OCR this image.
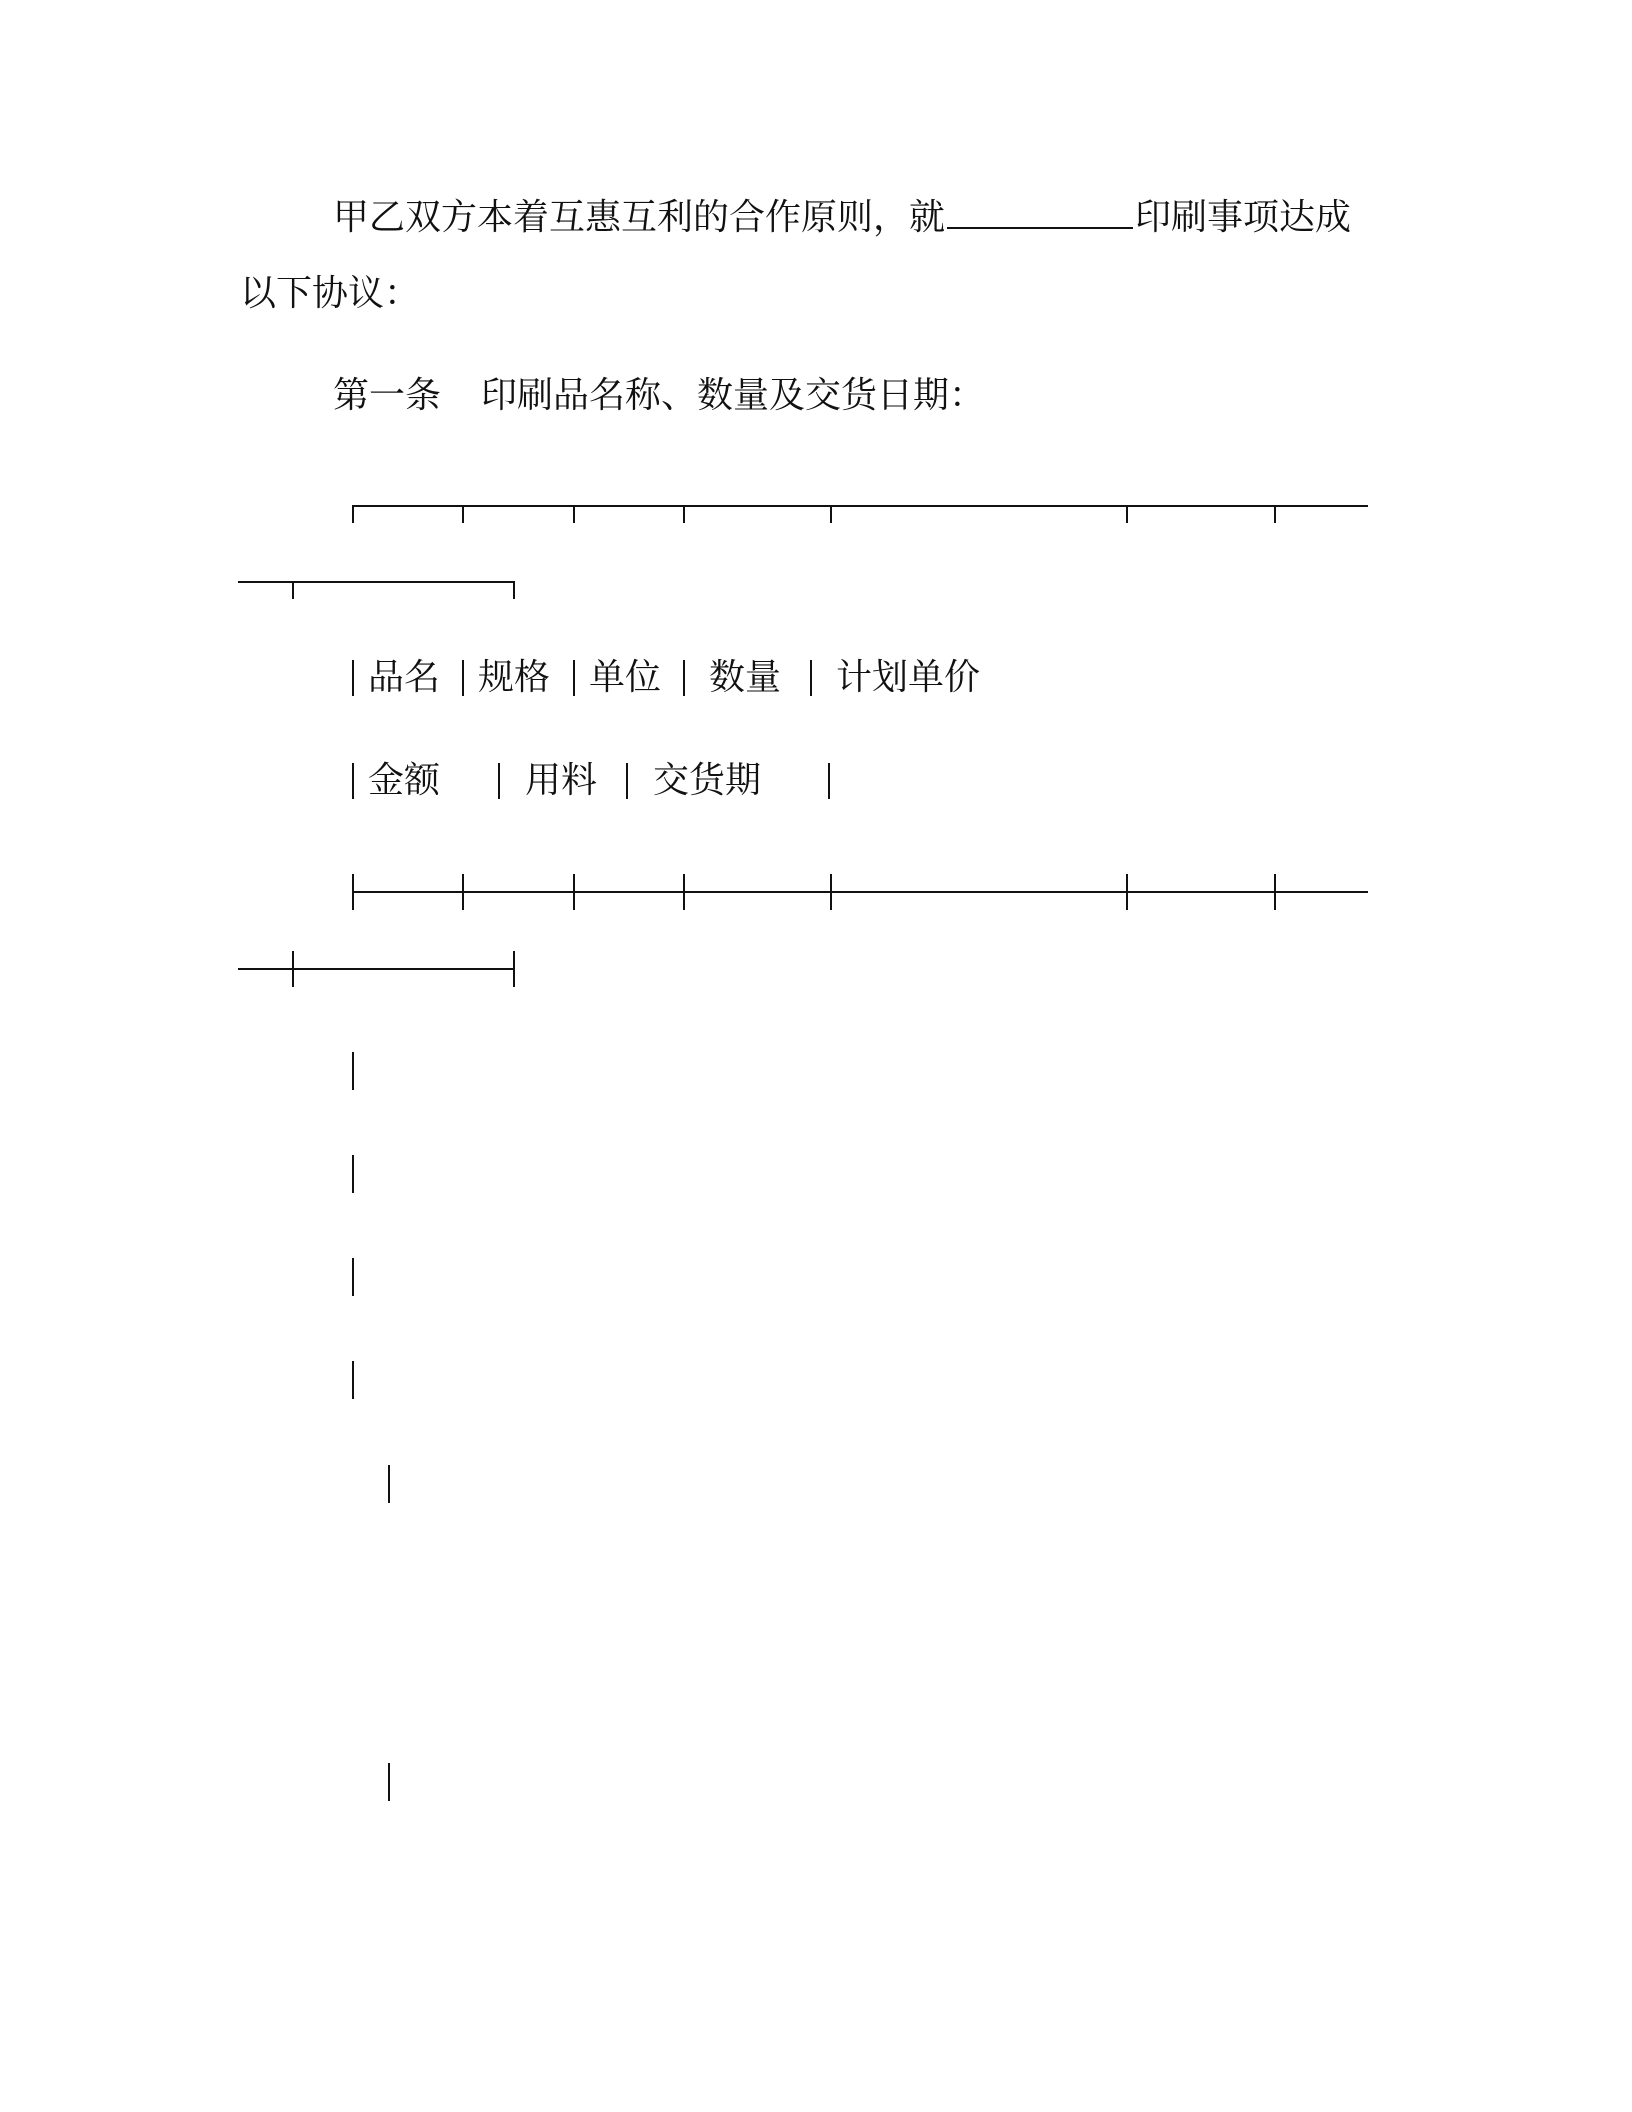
甲乙双方本着互惠互利的合作原则，就	印刷事项达成
以下协议：
第一条 印刷品名称、数量及交货日期：
品名 规格 单位 数量 计划单价
金额 用料 交货期
